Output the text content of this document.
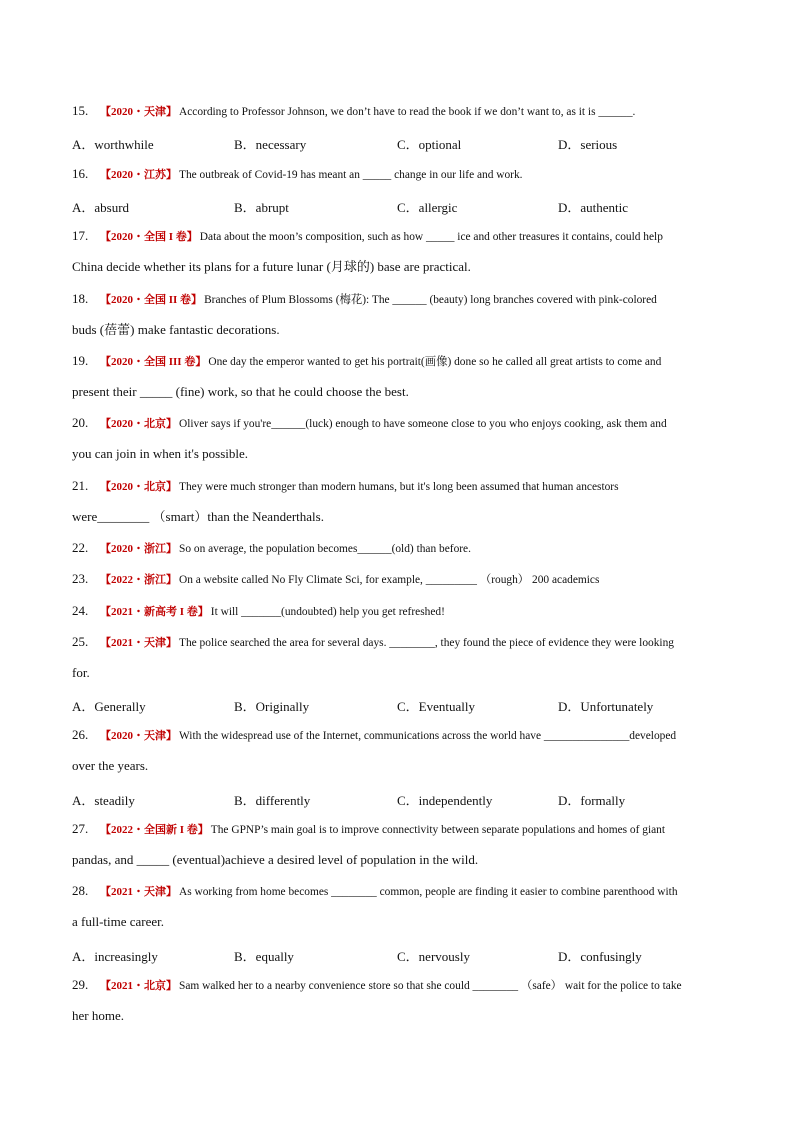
15. 【2020・天津】 According to Professor Johnson, we don’t have to read the book if we don’t want to, as it is ______.
A．worthwhile	B．necessary	C．optional	D．serious
16. 【2020・江苏】 The outbreak of Covid-19 has meant an _____ change in our life and work.
A．absurd	B．abrupt	C．allergic	D．authentic
17. 【2020・全国 I 卷】 Data about the moon’s composition, such as how _____ ice and other treasures it contains, could help
China decide whether its plans for a future lunar (月球的) base are practical.
18. 【2020・全国 II 卷】 Branches of Plum Blossoms (梅花): The ______ (beauty) long branches covered with pink-colored
buds (蓓蕾) make fantastic decorations.
19. 【2020・全国 III 卷】 One day the emperor wanted to get his portrait(画像) done so he called all great artists to come and
present their _____ (fine) work, so that he could choose the best.
20. 【2020・北京】 Oliver says if you're______(luck) enough to have someone close to you who enjoys cooking, ask them and
you can join in when it's possible.
21. 【2020・北京】 They were much stronger than modern humans, but it's long been assumed that human ancestors
were________ （smart）than the Neanderthals.
22. 【2020・浙江】 So on average, the population becomes______(old) than before.
23. 【2022・浙江】 On a website called No Fly Climate Sci, for example, _________ （rough） 200 academics
24. 【2021・新高考 I 卷】 It will _______(undoubted) help you get refreshed!
25. 【2021・天津】 The police searched the area for several days. ________, they found the piece of evidence they were looking
for.
A．Generally	B．Originally	C．Eventually	D．Unfortunately
26. 【2020・天津】 With the widespread use of the Internet, communications across the world have _______________developed
over the years.
A．steadily	B．differently	C．independently	D．formally
27. 【2022・全国新 I 卷】 The GPNP’s main goal is to improve connectivity between separate populations and homes of giant
pandas, and _____ (eventual)achieve a desired level of population in the wild.
28. 【2021・天津】 As working from home becomes ________ common, people are finding it easier to combine parenthood with
a full-time career.
A．increasingly	B．equally	C．nervously	D．confusingly
29. 【2021・北京】 Sam walked her to a nearby convenience store so that she could ________ （safe） wait for the police to take
her home.
